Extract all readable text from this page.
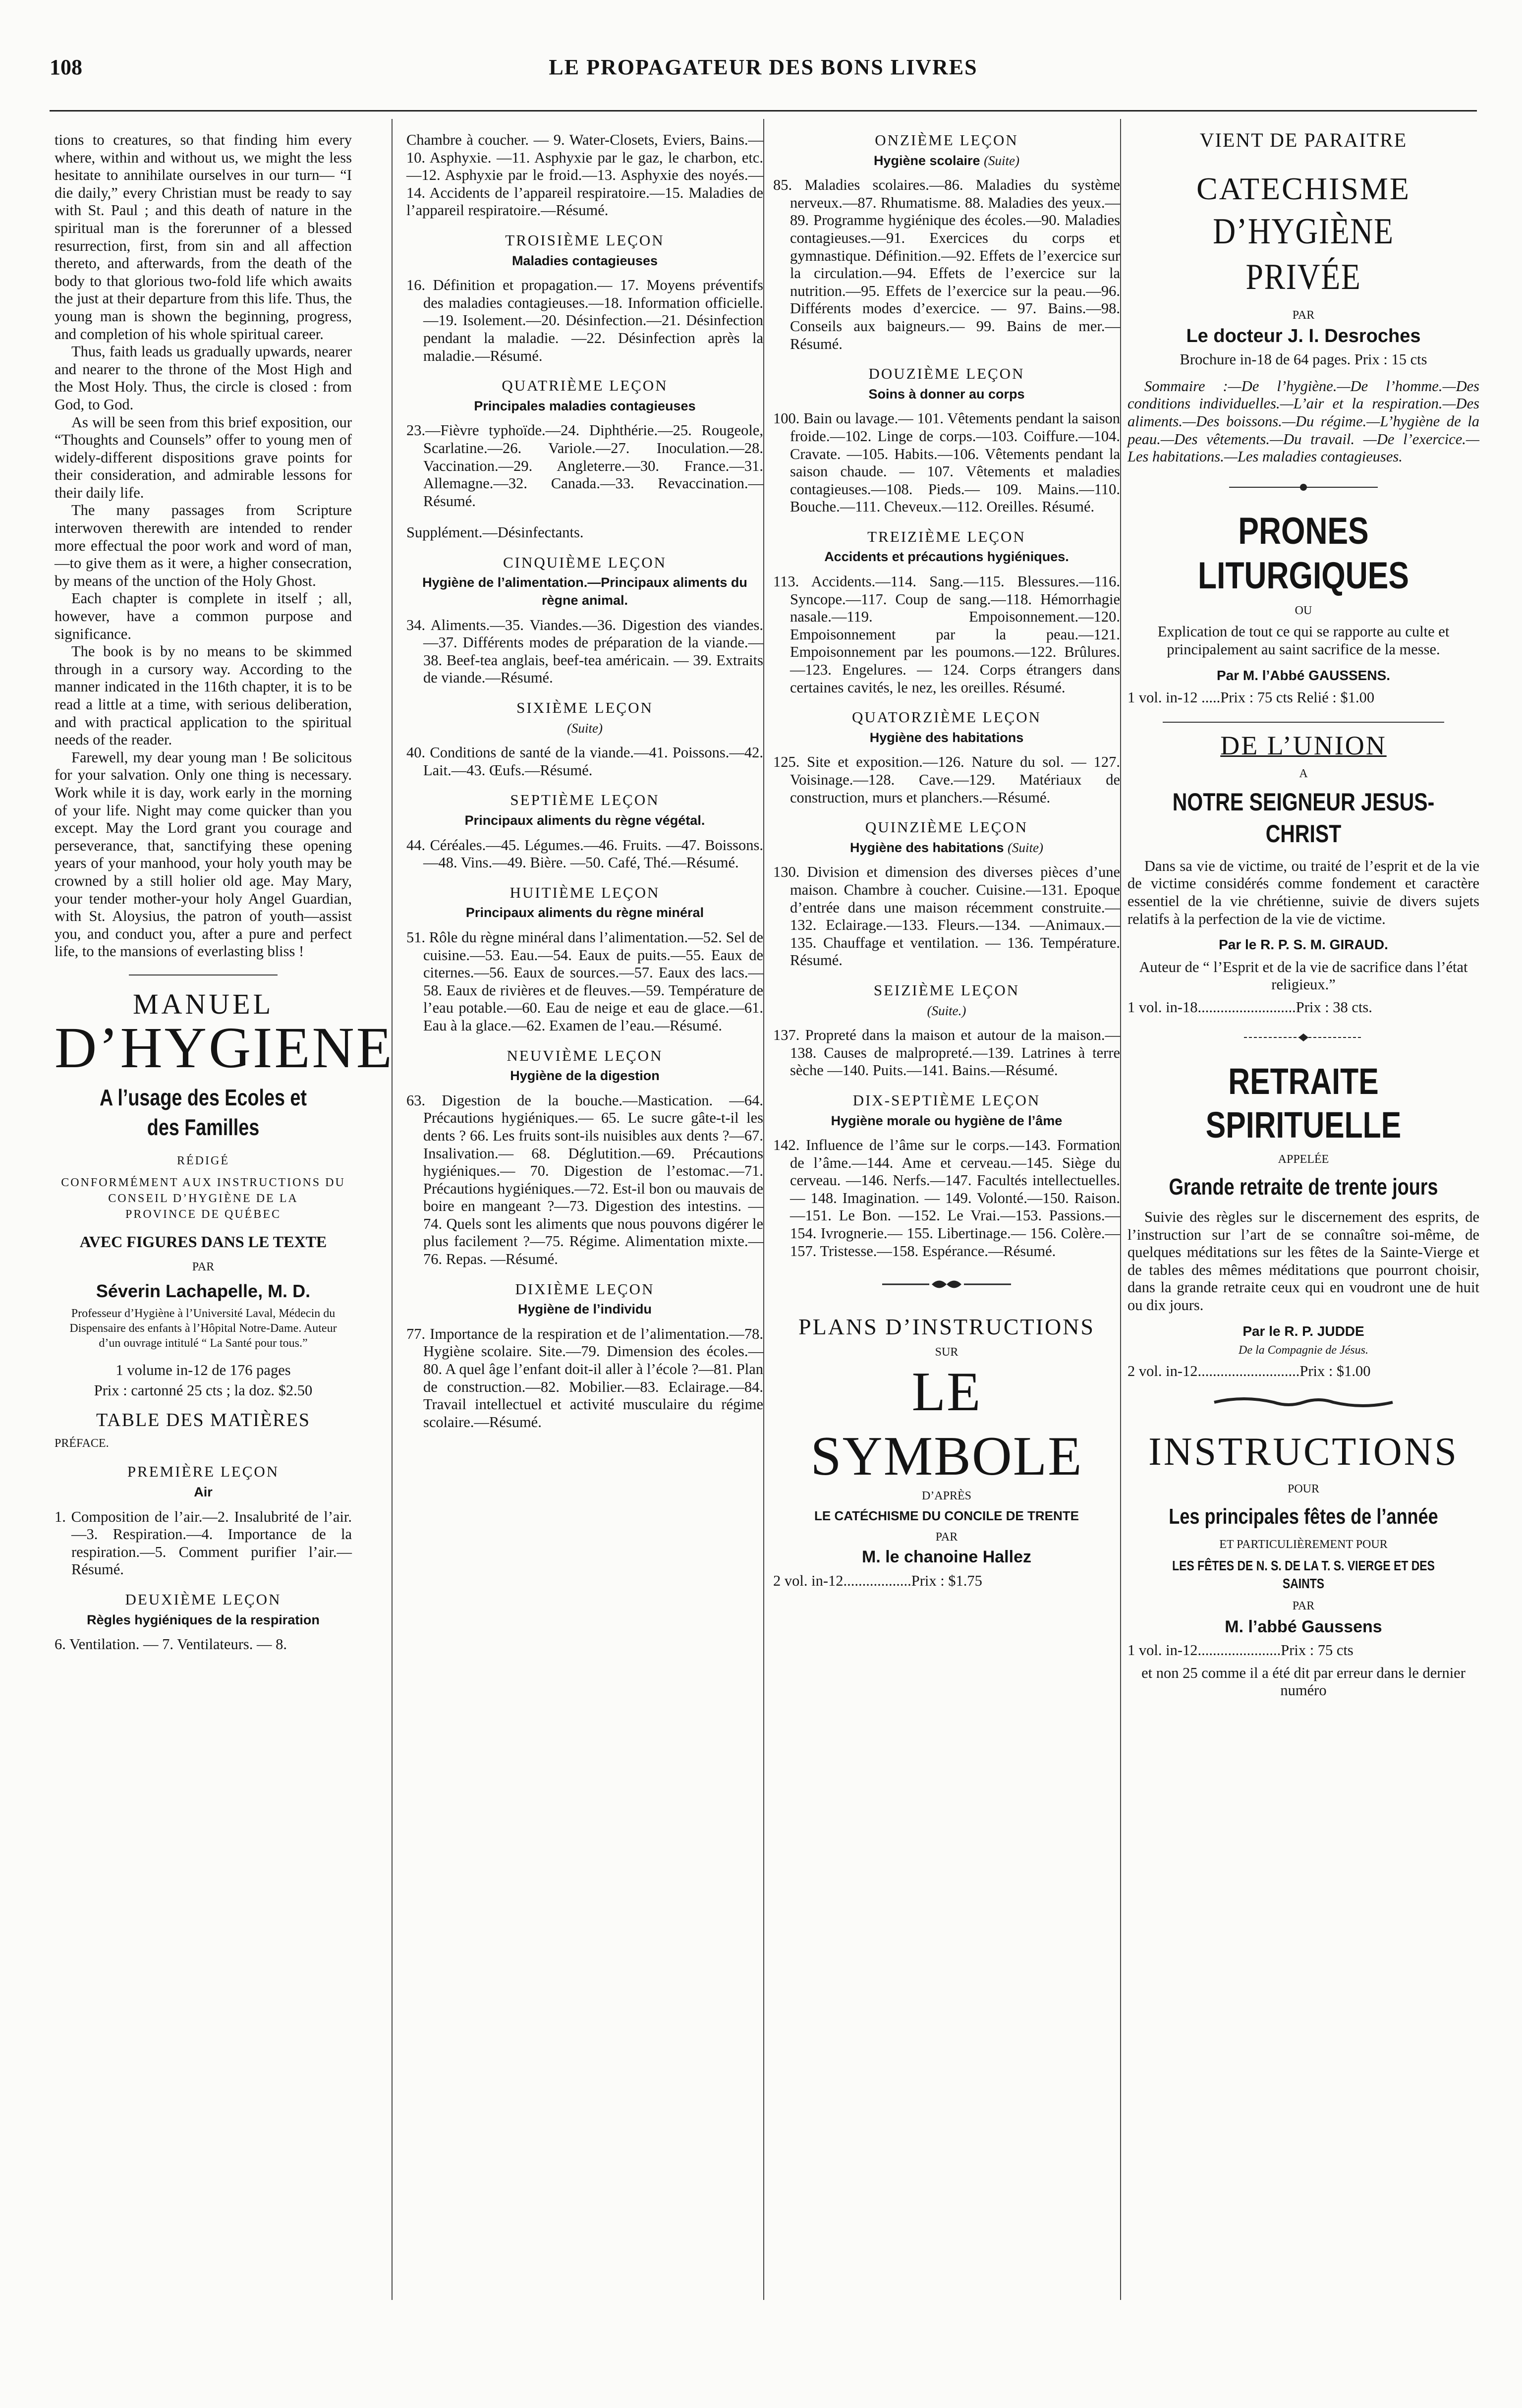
108	LE PROPAGATEUR DES BONS LIVRES

tions to creatures, so that finding him every where, within and without us, we might the less hesitate to annihilate ourselves in our turn— “I die daily,” every Christian must be ready to say with St. Paul ; and this death of nature in the spiritual man is the forerunner of a blessed resurrection, first, from sin and all affection thereto, and afterwards, from the death of the body to that glorious two-fold life which awaits the just at their departure from this life. Thus, the young man is shown the beginning, progress, and completion of his whole spiritual career.

Thus, faith leads us gradually upwards, nearer and nearer to the throne of the Most High and the Most Holy. Thus, the circle is closed : from God, to God.

As will be seen from this brief exposition, our “Thoughts and Counsels” offer to young men of widely-different dispositions grave points for their consideration, and admirable lessons for their daily life.

The many passages from Scripture interwoven therewith are intended to render more effectual the poor work and word of man,—to give them as it were, a higher consecration, by means of the unction of the Holy Ghost.

Each chapter is complete in itself ; all, however, have a common purpose and significance.

The book is by no means to be skimmed through in a cursory way. According to the manner indicated in the 116th chapter, it is to be read a little at a time, with serious deliberation, and with practical application to the spiritual needs of the reader.

Farewell, my dear young man ! Be solicitous for your salvation. Only one thing is necessary. Work while it is day, work early in the morning of your life. Night may come quicker than you except. May the Lord grant you courage and perseverance, that, sanctifying these opening years of your manhood, your holy youth may be crowned by a still holier old age. May Mary, your tender mother-your holy Angel Guardian, with St. Aloysius, the patron of youth—assist you, and conduct you, after a pure and perfect life, to the mansions of everlasting bliss !

MANUEL
D’HYGIENE
A l’usage des Ecoles et des Familles
RÉDIGÉ
CONFORMÉMENT AUX INSTRUCTIONS DU
CONSEIL D’HYGIÈNE DE LA
PROVINCE DE QUÉBEC
AVEC FIGURES DANS LE TEXTE
PAR
Séverin Lachapelle, M. D.
Professeur d’Hygiène à l’Université Laval, Médecin du Dispensaire des enfants à l’Hôpital Notre-Dame. Auteur d’un ouvrage intitulé “ La Santé pour tous.”
1 volume in-12 de 176 pages
Prix : cartonné 25 cts ; la doz. $2.50
TABLE DES MATIÈRES

PRÉFACE.

PREMIÈRE LEÇON
Air

1. Composition de l’air.—2. Insalubrité de l’air.—3. Respiration.—4. Importance de la respiration.—5. Comment purifier l’air.—Résumé.

DEUXIÈME LEÇON
Règles hygiéniques de la respiration

6. Ventilation. — 7. Ventilateurs. — 8.

Chambre à coucher. — 9. Water-Closets, Eviers, Bains.—10. Asphyxie. —11. Asphyxie par le gaz, le charbon, etc.—12. Asphyxie par le froid.—13. Asphyxie des noyés.—14. Accidents de l’appareil respiratoire.—15. Maladies de l’appareil respiratoire.—Résumé.

TROISIÈME LEÇON
Maladies contagieuses

16. Définition et propagation.— 17. Moyens préventifs des maladies contagieuses.—18. Information officielle. —19. Isolement.—20. Désinfection.—21. Désinfection pendant la maladie. —22. Désinfection après la maladie.—Résumé.

QUATRIÈME LEÇON
Principales maladies contagieuses

23.—Fièvre typhoïde.—24. Diphthérie.—25. Rougeole, Scarlatine.—26. Variole.—27. Inoculation.—28. Vaccination.—29. Angleterre.—30. France.—31. Allemagne.—32. Canada.—33. Revaccination.—Résumé.

Supplément.—Désinfectants.

CINQUIÈME LEÇON
Hygiène de l’alimentation.—Principaux aliments du règne animal.

34. Aliments.—35. Viandes.—36. Digestion des viandes.—37. Différents modes de préparation de la viande.—38. Beef-tea anglais, beef-tea américain. — 39. Extraits de viande.—Résumé.

SIXIÈME LEÇON
(Suite)

40. Conditions de santé de la viande.—41. Poissons.—42. Lait.—43. Œufs.—Résumé.

SEPTIÈME LEÇON
Principaux aliments du règne végétal.

44. Céréales.—45. Légumes.—46. Fruits. —47. Boissons.—48. Vins.—49. Bière. —50. Café, Thé.—Résumé.

HUITIÈME LEÇON
Principaux aliments du règne minéral

51. Rôle du règne minéral dans l’alimentation.—52. Sel de cuisine.—53. Eau.—54. Eaux de puits.—55. Eaux de citernes.—56. Eaux de sources.—57. Eaux des lacs.—58. Eaux de rivières et de fleuves.—59. Température de l’eau potable.—60. Eau de neige et eau de glace.—61. Eau à la glace.—62. Examen de l’eau.—Résumé.

NEUVIÈME LEÇON
Hygiène de la digestion

63. Digestion de la bouche.—Mastication. —64. Précautions hygiéniques.— 65. Le sucre gâte-t-il les dents ? 66. Les fruits sont-ils nuisibles aux dents ?—67. Insalivation.— 68. Déglutition.—69. Précautions hygiéniques.— 70. Digestion de l’estomac.—71. Précautions hygiéniques.—72. Est-il bon ou mauvais de boire en mangeant ?—73. Digestion des intestins. — 74. Quels sont les aliments que nous pouvons digérer le plus facilement ?—75. Régime. Alimentation mixte.—76. Repas. —Résumé.

DIXIÈME LEÇON
Hygiène de l’individu

77. Importance de la respiration et de l’alimentation.—78. Hygiène scolaire. Site.—79. Dimension des écoles.—80. A quel âge l’enfant doit-il aller à l’école ?—81. Plan de construction.—82. Mobilier.—83. Eclairage.—84. Travail intellectuel et activité musculaire du régime scolaire.—Résumé.

ONZIÈME LEÇON
Hygiène scolaire (Suite)

85. Maladies scolaires.—86. Maladies du système nerveux.—87. Rhumatisme. 88. Maladies des yeux.—89. Programme hygiénique des écoles.—90. Maladies contagieuses.—91. Exercices du corps et gymnastique. Définition.—92. Effets de l’exercice sur la circulation.—94. Effets de l’exercice sur la nutrition.—95. Effets de l’exercice sur la peau.—96. Différents modes d’exercice. — 97. Bains.—98. Conseils aux baigneurs.— 99. Bains de mer.—Résumé.

DOUZIÈME LEÇON
Soins à donner au corps

100. Bain ou lavage.— 101. Vêtements pendant la saison froide.—102. Linge de corps.—103. Coiffure.—104. Cravate. —105. Habits.—106. Vêtements pendant la saison chaude. — 107. Vêtements et maladies contagieuses.—108. Pieds.— 109. Mains.—110. Bouche.—111. Cheveux.—112. Oreilles. Résumé.

TREIZIÈME LEÇON
Accidents et précautions hygiéniques.

113. Accidents.—114. Sang.—115. Blessures.—116. Syncope.—117. Coup de sang.—118. Hémorrhagie nasale.—119. Empoisonnement.—120. Empoisonnement par la peau.—121. Empoisonnement par les poumons.—122. Brûlures. —123. Engelures. — 124. Corps étrangers dans certaines cavités, le nez, les oreilles. Résumé.

QUATORZIÈME LEÇON
Hygiène des habitations

125. Site et exposition.—126. Nature du sol. — 127. Voisinage.—128. Cave.—129. Matériaux de construction, murs et planchers.—Résumé.

QUINZIÈME LEÇON
Hygiène des habitations (Suite)

130. Division et dimension des diverses pièces d’une maison. Chambre à coucher. Cuisine.—131. Epoque d’entrée dans une maison récemment construite.—132. Eclairage.—133. Fleurs.—134. —Animaux.—135. Chauffage et ventilation. — 136. Température. Résumé.

SEIZIÈME LEÇON
(Suite.)

137. Propreté dans la maison et autour de la maison.—138. Causes de malpropreté.—139. Latrines à terre sèche —140. Puits.—141. Bains.—Résumé.

DIX-SEPTIÈME LEÇON
Hygiène morale ou hygiène de l’âme

142. Influence de l’âme sur le corps.—143. Formation de l’âme.—144. Ame et cerveau.—145. Siège du cerveau. —146. Nerfs.—147. Facultés intellectuelles. — 148. Imagination. — 149. Volonté.—150. Raison.—151. Le Bon. —152. Le Vrai.—153. Passions.—154. Ivrognerie.— 155. Libertinage.— 156. Colère.—157. Tristesse.—158. Espérance.—Résumé.

PLANS D’INSTRUCTIONS
SUR
LE SYMBOLE
D’APRÈS
LE CATÉCHISME DU CONCILE DE TRENTE
PAR
M. le chanoine Hallez

2 vol. in-12..................Prix : $1.75

VIENT DE PARAITRE
CATECHISME
D’HYGIÈNE PRIVÉE
PAR
Le docteur J. I. Desroches

Brochure in-18 de 64 pages. Prix : 15 cts

Sommaire :—De l’hygiène.—De l’homme.—Des conditions individuelles.—L’air et la respiration.—Des aliments.—Des boissons.—Du régime.—L’hygiène de la peau.—Des vêtements.—Du travail. —De l’exercice.—Les habitations.—Les maladies contagieuses.

PRONES LITURGIQUES
OU
Explication de tout ce qui se rapporte au culte et principalement au saint sacrifice de la messe.
Par M. l’Abbé GAUSSENS.

1 vol. in-12 .....Prix : 75 cts Relié : $1.00

DE L’UNION
A
NOTRE SEIGNEUR JESUS-CHRIST

Dans sa vie de victime, ou traité de l’esprit et de la vie de victime considérés comme fondement et caractère essentiel de la vie chrétienne, suivie de divers sujets relatifs à la perfection de la vie de victime.

Par le R. P. S. M. GIRAUD.
Auteur de “ l’Esprit et de la vie de sacrifice dans l’état religieux.”

1 vol. in-18..........................Prix : 38 cts.

RETRAITE SPIRITUELLE
APPELÉE
Grande retraite de trente jours

Suivie des règles sur le discernement des esprits, de l’instruction sur l’art de se connaître soi-même, de quelques méditations sur les fêtes de la Sainte-Vierge et de tables des mêmes méditations que pourront choisir, dans la grande retraite ceux qui en voudront une de huit ou dix jours.

Par le R. P. JUDDE
De la Compagnie de Jésus.

2 vol. in-12...........................Prix : $1.00

INSTRUCTIONS
POUR
Les principales fêtes de l’année
ET PARTICULIÈREMENT POUR
LES FÊTES DE N. S. DE LA T. S. VIERGE ET DES SAINTS
PAR
M. l’abbé Gaussens

1 vol. in-12......................Prix : 75 cts

et non 25 comme il a été dit par erreur dans le dernier numéro
